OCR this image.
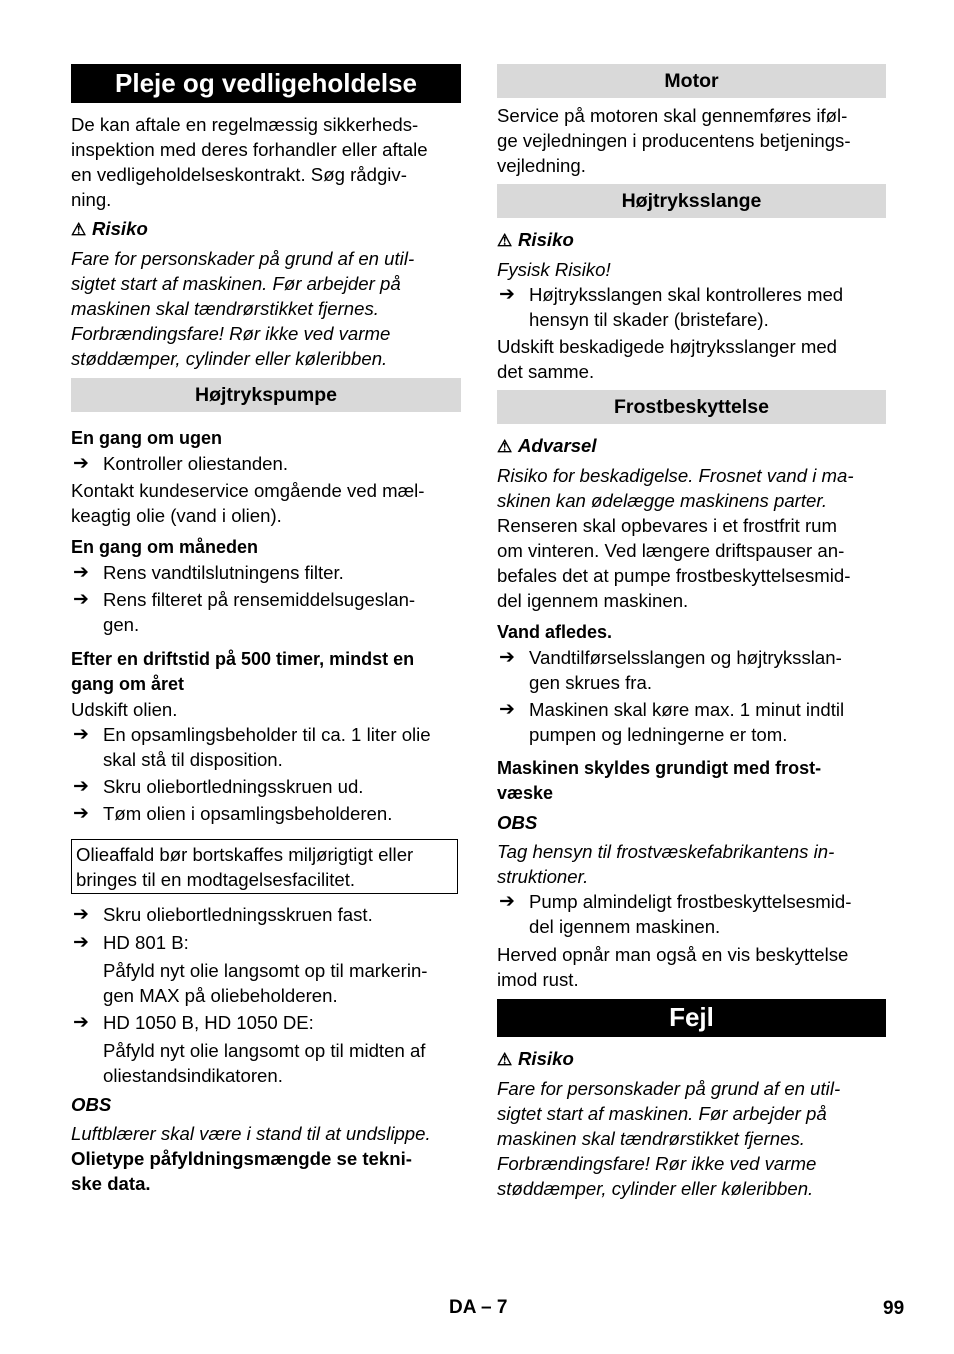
Pleje og vedligeholdelse

De kan aftale en regelmæssig sikkerheds-

inspektion med deres forhandler eller aftale

en vedligeholdelseskontrakt. Søg rådgiv-

ning.

⚠ Risiko

Fare for personskader på grund af en util-

sigtet start af maskinen. Før arbejder på

maskinen skal tændrørstikket fjernes.

Forbrændingsfare! Rør ikke ved varme

støddæmper, cylinder eller køleribben.

Højtrykspumpe

En gang om ugen

➔ Kontroller oliestanden.

Kontakt kundeservice omgående ved mæl-

keagtig olie (vand i olien).

En gang om måneden

➔ Rens vandtilslutningens filter.

➔ Rens filteret på rensemiddelsugeslan-
gen.

Efter en driftstid på 500 timer, mindst en
gang om året

Udskift olien.

➔ En opsamlingsbeholder til ca. 1 liter olie
skal stå til disposition.

➔ Skru oliebortledningsskruen ud.

➔ Tøm olien i opsamlingsbeholderen.

Olieaffald bør bortskaffes miljørigtigt eller
bringes til en modtagelsesfacilitet.

➔ Skru oliebortledningsskruen fast.

➔ HD 801 B:

Påfyld nyt olie langsomt op til markerin-
gen MAX på oliebeholderen.

➔ HD 1050 B, HD 1050 DE:

Påfyld nyt olie langsomt op til midten af
oliestandsindikatoren.

OBS

Luftblærer skal være i stand til at undslippe.

Olietype påfyldningsmængde se tekni-
ske data.

Motor

Service på motoren skal gennemføres iføl-

ge vejledningen i producentens betjenings-

vejledning.

Højtryksslange

⚠ Risiko

Fysisk Risiko!

➔ Højtryksslangen skal kontrolleres med
hensyn til skader (bristefare).

Udskift beskadigede højtryksslanger med

det samme.

Frostbeskyttelse

⚠ Advarsel

Risiko for beskadigelse. Frosnet vand i ma-

skinen kan ødelægge maskinens parter.

Renseren skal opbevares i et frostfrit rum

om vinteren. Ved længere driftspauser an-

befales det at pumpe frostbeskyttelsesmid-

del igennem maskinen.

Vand afledes.

➔ Vandtilførselsslangen og højtryksslan-
gen skrues fra.

➔ Maskinen skal køre max. 1 minut indtil
pumpen og ledningerne er tom.

Maskinen skyldes grundigt med frost-
væske

OBS

Tag hensyn til frostvæskefabrikantens in-

struktioner.

➔ Pump almindeligt frostbeskyttelsesmid-
del igennem maskinen.

Herved opnår man også en vis beskyttelse

imod rust.

Fejl

⚠ Risiko

Fare for personskader på grund af en util-

sigtet start af maskinen. Før arbejder på

maskinen skal tændrørstikket fjernes.

Forbrændingsfare! Rør ikke ved varme

støddæmper, cylinder eller køleribben.

DA – 7	99
